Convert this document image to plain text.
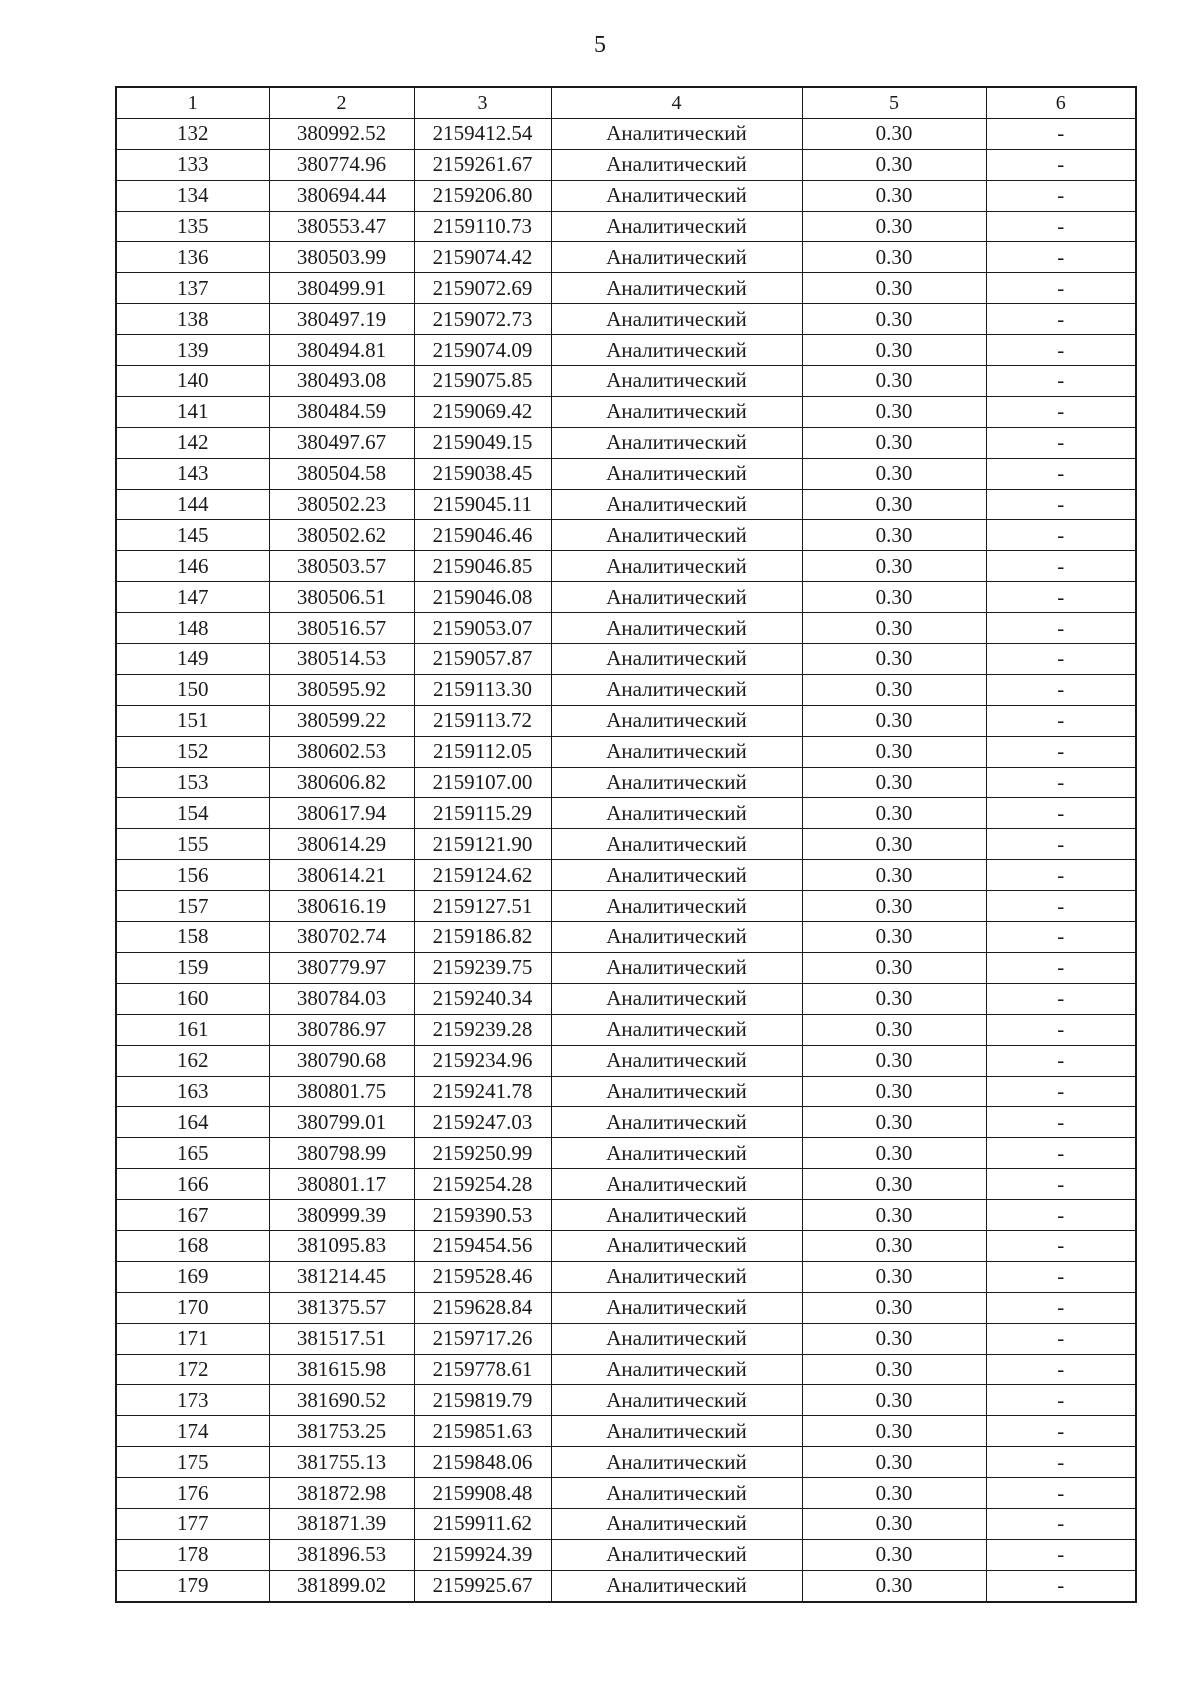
5
1	2	3	4	5	6
132	380992.52	2159412.54	Аналитический	0.30	-
133	380774.96	2159261.67	Аналитический	0.30	-
134	380694.44	2159206.80	Аналитический	0.30	-
135	380553.47	2159110.73	Аналитический	0.30	-
136	380503.99	2159074.42	Аналитический	0.30	-
137	380499.91	2159072.69	Аналитический	0.30	-
138	380497.19	2159072.73	Аналитический	0.30	-
139	380494.81	2159074.09	Аналитический	0.30	-
140	380493.08	2159075.85	Аналитический	0.30	-
141	380484.59	2159069.42	Аналитический	0.30	-
142	380497.67	2159049.15	Аналитический	0.30	-
143	380504.58	2159038.45	Аналитический	0.30	-
144	380502.23	2159045.11	Аналитический	0.30	-
145	380502.62	2159046.46	Аналитический	0.30	-
146	380503.57	2159046.85	Аналитический	0.30	-
147	380506.51	2159046.08	Аналитический	0.30	-
148	380516.57	2159053.07	Аналитический	0.30	-
149	380514.53	2159057.87	Аналитический	0.30	-
150	380595.92	2159113.30	Аналитический	0.30	-
151	380599.22	2159113.72	Аналитический	0.30	-
152	380602.53	2159112.05	Аналитический	0.30	-
153	380606.82	2159107.00	Аналитический	0.30	-
154	380617.94	2159115.29	Аналитический	0.30	-
155	380614.29	2159121.90	Аналитический	0.30	-
156	380614.21	2159124.62	Аналитический	0.30	-
157	380616.19	2159127.51	Аналитический	0.30	-
158	380702.74	2159186.82	Аналитический	0.30	-
159	380779.97	2159239.75	Аналитический	0.30	-
160	380784.03	2159240.34	Аналитический	0.30	-
161	380786.97	2159239.28	Аналитический	0.30	-
162	380790.68	2159234.96	Аналитический	0.30	-
163	380801.75	2159241.78	Аналитический	0.30	-
164	380799.01	2159247.03	Аналитический	0.30	-
165	380798.99	2159250.99	Аналитический	0.30	-
166	380801.17	2159254.28	Аналитический	0.30	-
167	380999.39	2159390.53	Аналитический	0.30	-
168	381095.83	2159454.56	Аналитический	0.30	-
169	381214.45	2159528.46	Аналитический	0.30	-
170	381375.57	2159628.84	Аналитический	0.30	-
171	381517.51	2159717.26	Аналитический	0.30	-
172	381615.98	2159778.61	Аналитический	0.30	-
173	381690.52	2159819.79	Аналитический	0.30	-
174	381753.25	2159851.63	Аналитический	0.30	-
175	381755.13	2159848.06	Аналитический	0.30	-
176	381872.98	2159908.48	Аналитический	0.30	-
177	381871.39	2159911.62	Аналитический	0.30	-
178	381896.53	2159924.39	Аналитический	0.30	-
179	381899.02	2159925.67	Аналитический	0.30	-
